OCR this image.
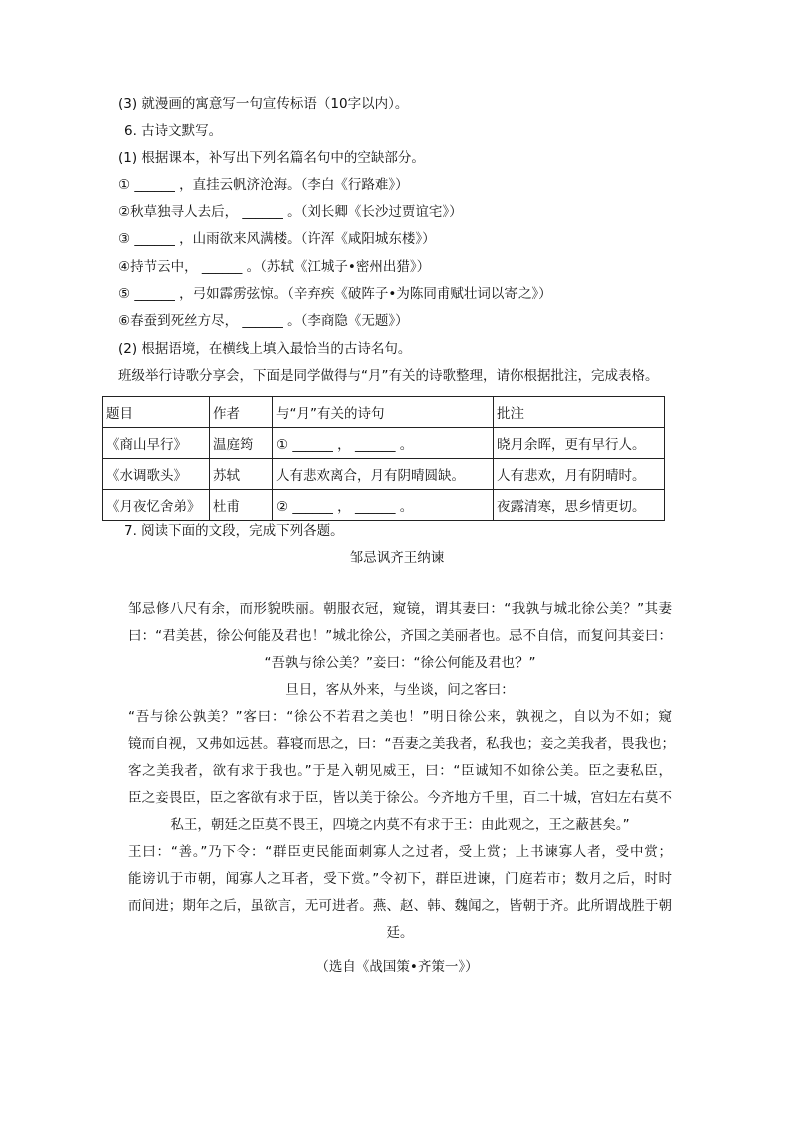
(3) 就漫画的寓意写一句宣传标语（10字以内）。
6. 古诗文默写。
(1) 根据课本，补写出下列名篇名句中的空缺部分。
① ______ ，直挂云帆济沧海。（李白《行路难》）
②秋草独寻人去后， ______ 。（刘长卿《长沙过贾谊宅》）
③ ______ ，山雨欲来风满楼。（许浑《咸阳城东楼》）
④持节云中， ______ 。（苏轼《江城子•密州出猎》）
⑤ ______ ，弓如霹雳弦惊。（辛弃疾《破阵子•为陈同甫赋壮词以寄之》）
⑥春蚕到死丝方尽， ______ 。（李商隐《无题》）
(2) 根据语境，在横线上填入最恰当的古诗名句。
班级举行诗歌分享会，下面是同学做得与“月”有关的诗歌整理，请你根据批注，完成表格。
题目	作者	与“月”有关的诗句	批注
《商山早行》	温庭筠	① ______ ， ______ 。	晓月余晖，更有早行人。
《水调歌头》	苏轼	人有悲欢离合，月有阴晴圆缺。	人有悲欢，月有阴晴时。
《月夜忆舍弟》	杜甫	② ______ ， ______ 。	夜露清寒，思乡情更切。
7. 阅读下面的文段，完成下列各题。
邹忌讽齐王纳谏
邹忌修八尺有余，而形貌昳丽。朝服衣冠，窥镜，谓其妻曰：“我孰与城北徐公美？”其妻
曰：“君美甚，徐公何能及君也！”城北徐公，齐国之美丽者也。忌不自信，而复问其妾曰：
“吾孰与徐公美？”妾曰：“徐公何能及君也？”
旦日，客从外来，与坐谈，问之客曰：
“吾与徐公孰美？”客曰：“徐公不若君之美也！”明日徐公来，孰视之，自以为不如；窥
镜而自视，又弗如远甚。暮寝而思之，曰：“吾妻之美我者，私我也；妾之美我者，畏我也；
客之美我者，欲有求于我也。”于是入朝见威王，曰：“臣诚知不如徐公美。臣之妻私臣，
臣之妾畏臣，臣之客欲有求于臣，皆以美于徐公。今齐地方千里，百二十城，宫妇左右莫不
私王，朝廷之臣莫不畏王，四境之内莫不有求于王：由此观之，王之蔽甚矣。”
王曰：“善。”乃下令：“群臣吏民能面刺寡人之过者，受上赏；上书谏寡人者，受中赏；
能谤讥于市朝，闻寡人之耳者，受下赏。”令初下，群臣进谏，门庭若市；数月之后，时时
而间进；期年之后，虽欲言，无可进者。燕、赵、韩、魏闻之，皆朝于齐。此所谓战胜于朝
廷。
（选自《战国策•齐策一》）
